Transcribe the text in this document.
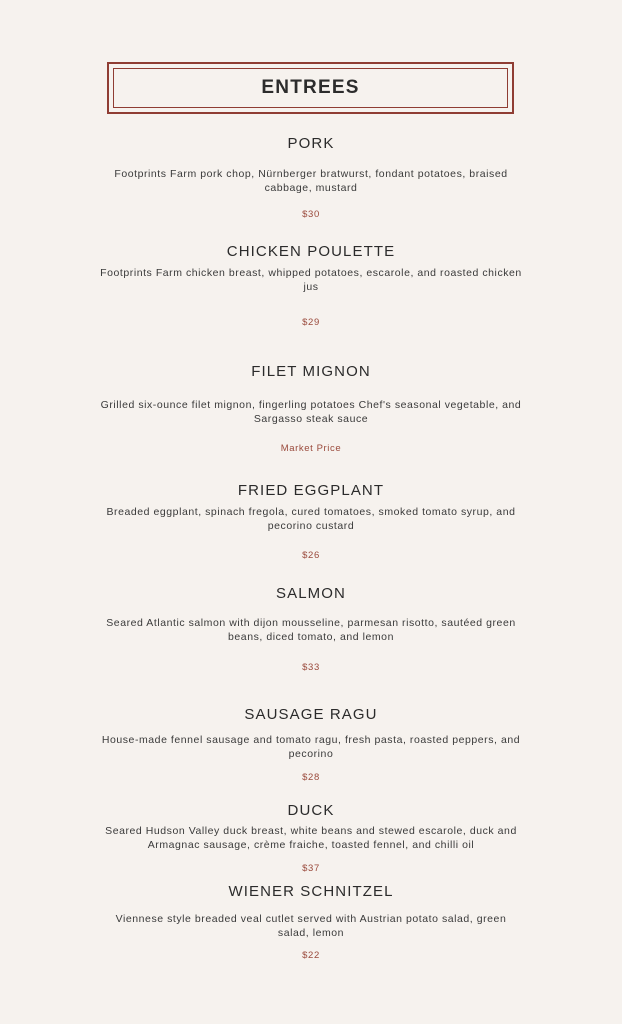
ENTREES
PORK
Footprints Farm pork chop, Nürnberger bratwurst, fondant potatoes, braised cabbage, mustard
$30
CHICKEN POULETTE
Footprints Farm chicken breast, whipped potatoes, escarole, and roasted chicken jus
$29
FILET MIGNON
Grilled six-ounce filet mignon, fingerling potatoes Chef's seasonal vegetable, and Sargasso steak sauce
Market Price
FRIED EGGPLANT
Breaded eggplant, spinach fregola, cured tomatoes, smoked tomato syrup, and pecorino custard
$26
SALMON
Seared Atlantic salmon with dijon mousseline, parmesan risotto, sautéed green beans, diced tomato, and lemon
$33
SAUSAGE RAGU
House-made fennel sausage and tomato ragu, fresh pasta, roasted peppers, and pecorino
$28
DUCK
Seared Hudson Valley duck breast, white beans and stewed escarole, duck and Armagnac sausage, crème fraiche, toasted fennel, and chilli oil
$37
WIENER SCHNITZEL
Viennese style breaded veal cutlet served with Austrian potato salad, green salad, lemon
$22
